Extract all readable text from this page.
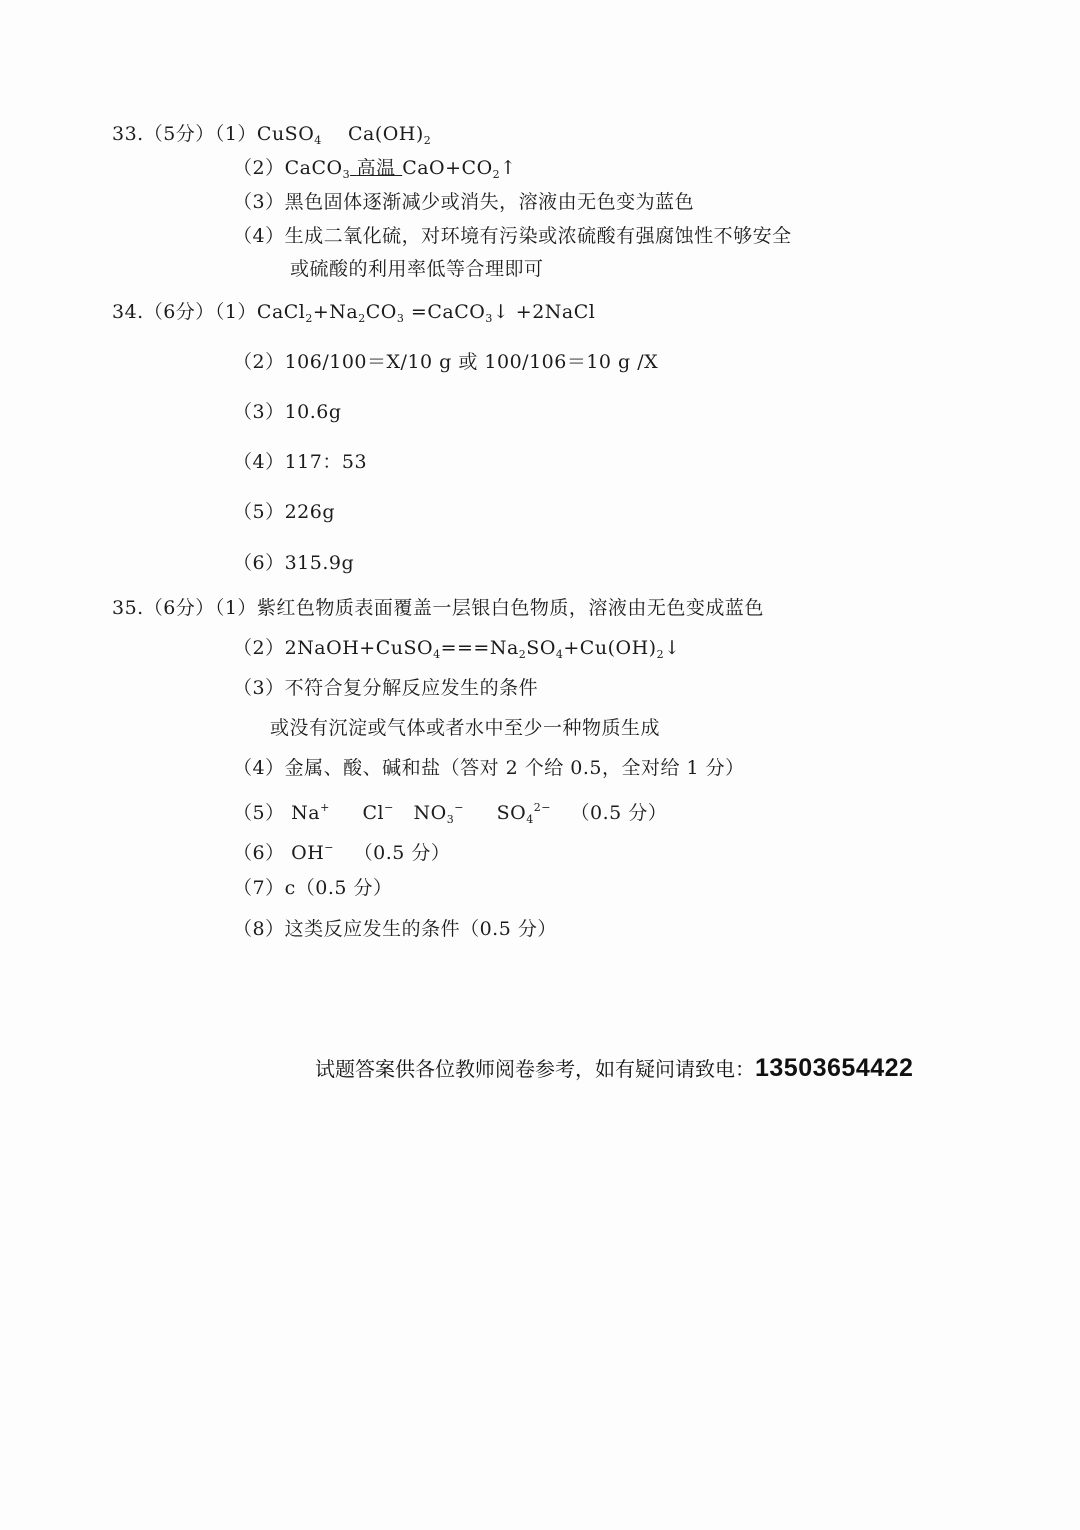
33.（5分）（1）CuSO$_4$ $Ca(OH)_2$
（2）CaCO$_3$ 高温 $CaO+CO_2↑$
（3）黑色固体逐渐减少或消失，溶液由无色变为蓝色
（4）生成二氧化硫，对环境有污染或浓硫酸有强腐蚀性不够安全
或硫酸的利用率低等合理即可
34.（6分）$(1)CaCl_2+Na_2CO_3$ =CaCO$_3$↓ +2NaCl
（2）106/100＝X/10 g 或 100/106＝10 g /X
（3）10.6g
（4）117：53
（5）226g
（6）315.9g
35.（6分）（1）紫红色物质表面覆盖一层银白色物质，溶液由无色变成蓝色
$(2)2NaOH+CuSO_4===Na_2SO_4+Cu(OH)_2↓$
（3）不符合复分解反应发生的条件
或没有沉淀或气体或者水中至少一种物质生成
（4）金属、酸、碱和盐（答对 2 个给 0.5，全对给 1 分）
（5） Na+ Cl− $NO_3^-$ $SO_4^{2-}$ （0.5 分）
（6） OH− （0.5 分）
（7）c（0.5 分）
（8）这类反应发生的条件（0.5 分）
试题答案供各位教师阅卷参考，如有疑问请致电：13503654422
